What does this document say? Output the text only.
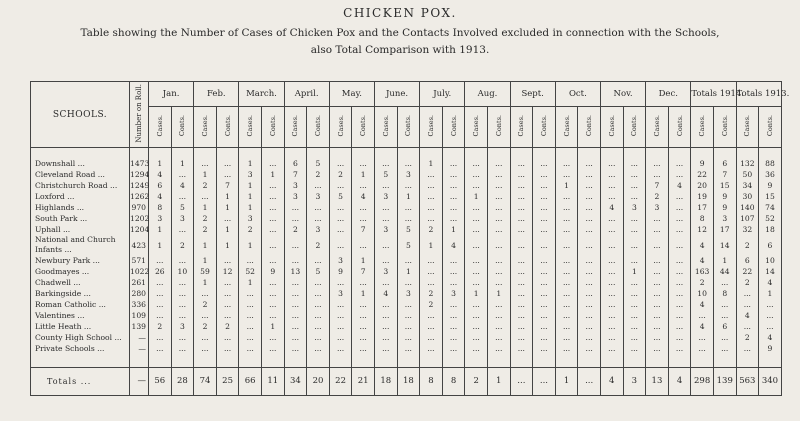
CHICKEN POX.
Table showing the Number of Cases of Chicken Pox and the Contacts Involved excluded in connection with the Schools,
also Total Comparison with 1913.
SCHOOLS.	Number on Roll.	Jan.		Feb.		March.		April.		May.		June.		July.		Aug.		Sept.		Oct.		Nov.		Dec.		Totals 1914.		Totals 1913.	
		Cases.	Conts.	Cases.	Conts.	Cases.	Conts.	Cases.	Conts.	Cases.	Conts.	Cases.	Conts.	Cases.	Conts.	Cases.	Conts.	Cases.	Conts.	Cases.	Conts.	Cases.	Conts.	Cases.	Conts.	Cases.	Conts.	Cases.	Conts.

Downshall ...	1473	1	1	...	...	1	...	6	5	...	...	...	...	1	...	...	...	...	...	...	...	...	...	...	...	9	6	132	88
Cleveland Road ...	1294	4	...	1	...	3	1	7	2	2	1	5	3	...	...	...	...	...	...	...	...	...	...	...	...	22	7	50	36
Christchurch Road ...	1249	6	4	2	7	1	...	3	...	...	...	...	...	...	...	...	...	...	...	1	...	...	...	7	4	20	15	34	9
Loxford ...	1262	4	...	...	1	1	...	3	3	5	4	3	1	...	...	1	...	...	...	...	...	...	...	2	...	19	9	30	15
Highlands ...	970	8	5	1	1	1	...	...	...	...	...	...	...	...	...	...	...	...	...	...	...	4	3	3	...	17	9	140	74
South Park ...	1202	3	3	2	...	3	...	...	...	...	...	...	...	...	...	...	...	...	...	...	...	...	...	...	...	8	3	107	52
Uphall ...	1204	1	...	2	1	2	...	2	3	...	7	3	5	2	1	...	...	...	...	...	...	...	...	...	...	12	17	32	18
National and Church Infants ...	423	1	2	1	1	1	...	...	2	...	...	...	5	1	4	...	...	...	...	...	...	...	...	...	...	4	14	2	6
Newbury Park ...	571	...	...	1	...	...	...	...	...	3	1	...	...	...	...	...	...	...	...	...	...	...	...	...	...	4	1	6	10
Goodmayes ...	1022	26	10	59	12	52	9	13	5	9	7	3	1	...	...	...	...	...	...	...	...	...	1	...	...	163	44	22	14
Chadwell ...	261	...	...	1	...	1	...	...	...	...	...	...	...	...	...	...	...	...	...	...	...	...	...	...	...	2	...	2	4
Barkingside ...	280	...	...	...	...	...	...	...	...	3	1	4	3	2	3	1	1	...	...	...	...	...	...	...	...	10	8	...	1
Roman Catholic ...	336	...	...	2	...	...	...	...	...	...	...	...	...	2	...	...	...	...	...	...	...	...	...	...	...	4	...	...	...
Valentines ...	109	...	...	...	...	...	...	...	...	...	...	...	...	...	...	...	...	...	...	...	...	...	...	...	...	...	...	4	...
Little Heath ...	139	2	3	2	2	...	1	...	...	...	...	...	...	...	...	...	...	...	...	...	...	...	...	...	...	4	6	...	...
County High School ...	—	...	...	...	...	...	...	...	...	...	...	...	...	...	...	...	...	...	...	...	...	...	...	...	...	...	...	2	4
Private Schools ...	—	...	...	...	...	...	...	...	...	...	...	...	...	...	...	...	...	...	...	...	...	...	...	...	...	...	...	...	9

Totals ...	—	56	28	74	25	66	11	34	20	22	21	18	18	8	8	2	1	...	...	1	...	4	3	13	4	298	139	563	340
